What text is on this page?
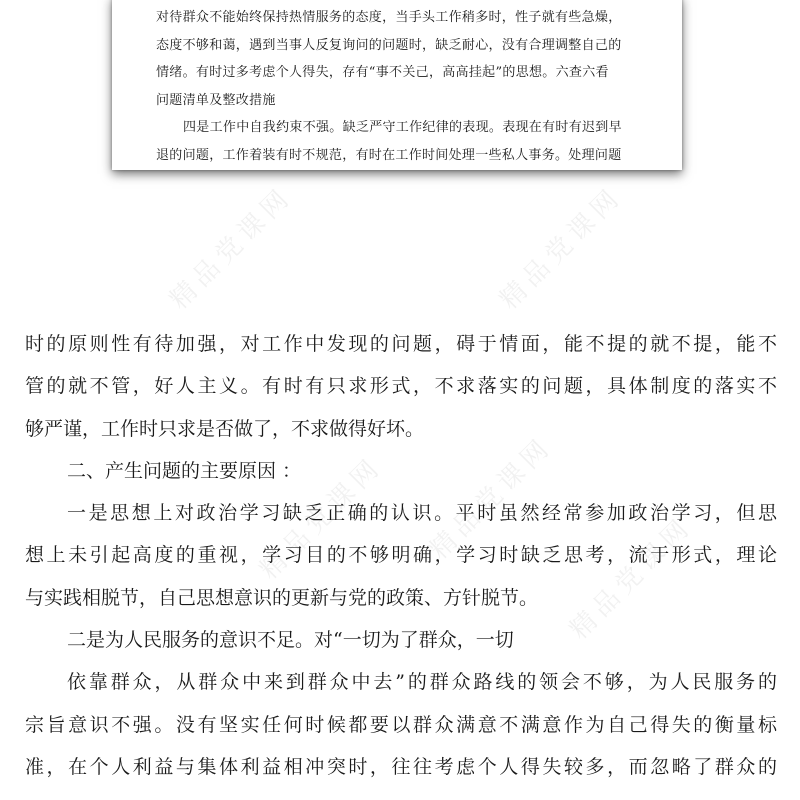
精品党课网	精品党课网
精品党课网 精品党课网
精品党课网

对待群众不能始终保持热情服务的态度，当手头工作稍多时，性子就有些急燥，

态度不够和蔼，遇到当事人反复询问的问题时，缺乏耐心，没有合理调整自己的

情绪。有时过多考虑个人得失，存有“事不关己，高高挂起”的思想。六查六看

问题清单及整改措施

四是工作中自我约束不强。缺乏严守工作纪律的表现。表现在有时有迟到早

退的问题，工作着装有时不规范，有时在工作时间处理一些私人事务。处理问题

时的原则性有待加强，对工作中发现的问题，碍于情面，能不提的就不提，能不

管的就不管，好人主义。有时有只求形式，不求落实的问题，具体制度的落实不

够严谨，工作时只求是否做了，不求做得好坏。

二、产生问题的主要原因 ：

一是思想上对政治学习缺乏正确的认识。平时虽然经常参加政治学习，但思

想上未引起高度的重视，学习目的不够明确，学习时缺乏思考，流于形式，理论

与实践相脱节，自己思想意识的更新与党的政策、方针脱节。

二是为人民服务的意识不足。对“一切为了群众，一切

依靠群众，从群众中来到群众中去”的群众路线的领会不够，为人民服务的

宗旨意识不强。没有坚实任何时候都要以群众满意不满意作为自己得失的衡量标

准，在个人利益与集体利益相冲突时，往往考虑个人得失较多，而忽略了群众的
